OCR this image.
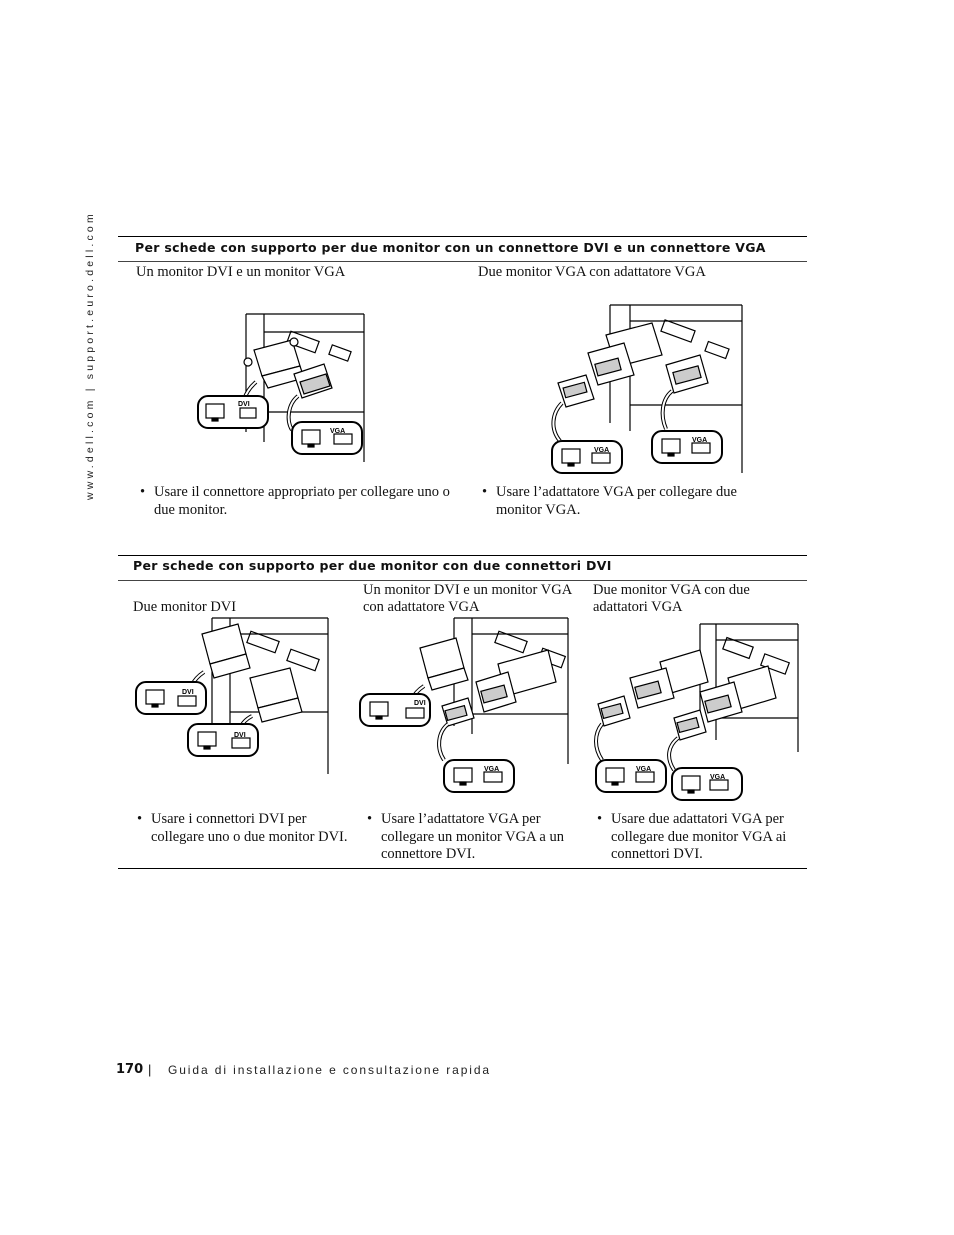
www.dell.com | support.euro.dell.com	Per schede con supporto per due monitor con un connettore DVI e un connettore VGA
Un monitor DVI e un monitor VGA	Due monitor VGA con adattatore VGA
DVI
VGA
VGA
VGA
• Usare il connettore appropriato per collegare uno o due monitor.
• Usare l’adattatore VGA per collegare due monitor VGA.
Per schede con supporto per due monitor con due connettori DVI
Due monitor DVI
Un monitor DVI e un monitor VGA con adattatore VGA
Due monitor VGA con due adattatori VGA
DVI
DVI
DVI
VGA	VGA
VGA
• Usare i connettori DVI per collegare uno o due monitor DVI.
• Usare l’adattatore VGA per collegare un monitor VGA a un connettore DVI.
• Usare due adattatori VGA per collegare due monitor VGA ai connettori DVI.
170 | Guida di installazione e consultazione rapida
